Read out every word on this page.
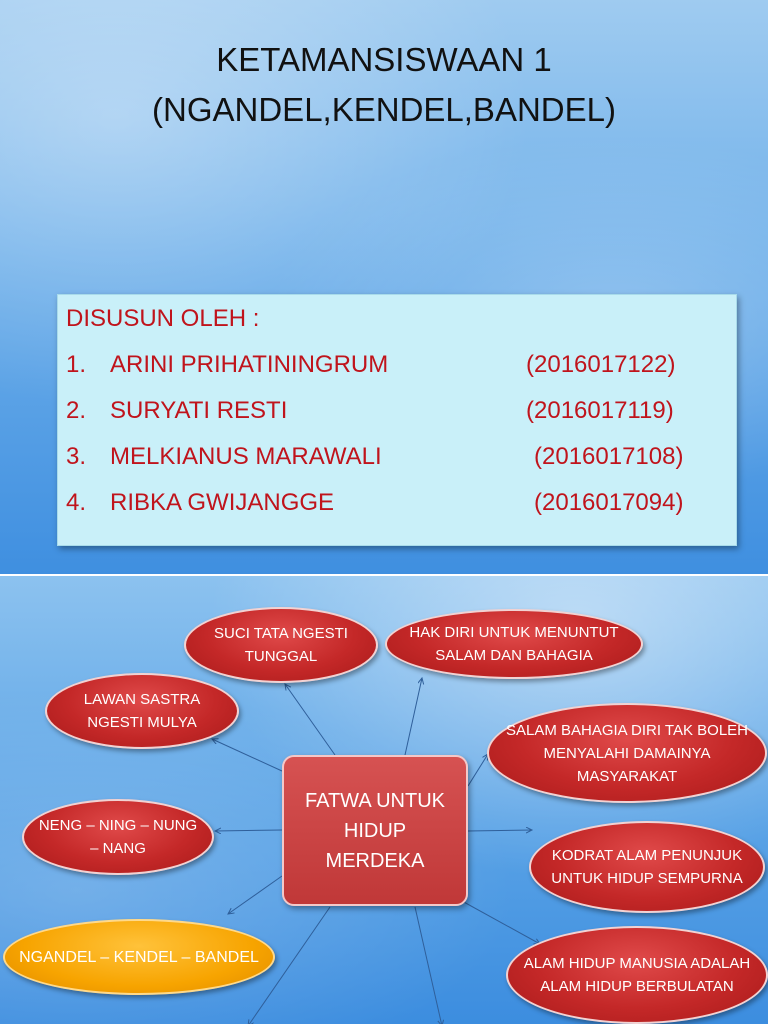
KETAMANSISWAAN 1
(NGANDEL,KENDEL,BANDEL)
DISUSUN OLEH :
1. ARINI PRIHATININGRUM	(2016017122)
2. SURYATI RESTI	(2016017119)
3. MELKIANUS MARAWALI	(2016017108)
4. RIBKA GWIJANGGE	(2016017094)
SUCI TATA NGESTI TUNGGAL
HAK DIRI UNTUK MENUNTUT SALAM DAN BAHAGIA
LAWAN SASTRA NGESTI MULYA	SALAM BAHAGIA DIRI TAK BOLEH MENYALAHI DAMAINYA MASYARAKAT
NENG – NING – NUNG – NANG	KODRAT ALAM PENUNJUK UNTUK HIDUP SEMPURNA
NGANDEL – KENDEL – BANDEL	ALAM HIDUP MANUSIA ADALAH ALAM HIDUP BERBULATAN
FATWA UNTUK HIDUP MERDEKA
